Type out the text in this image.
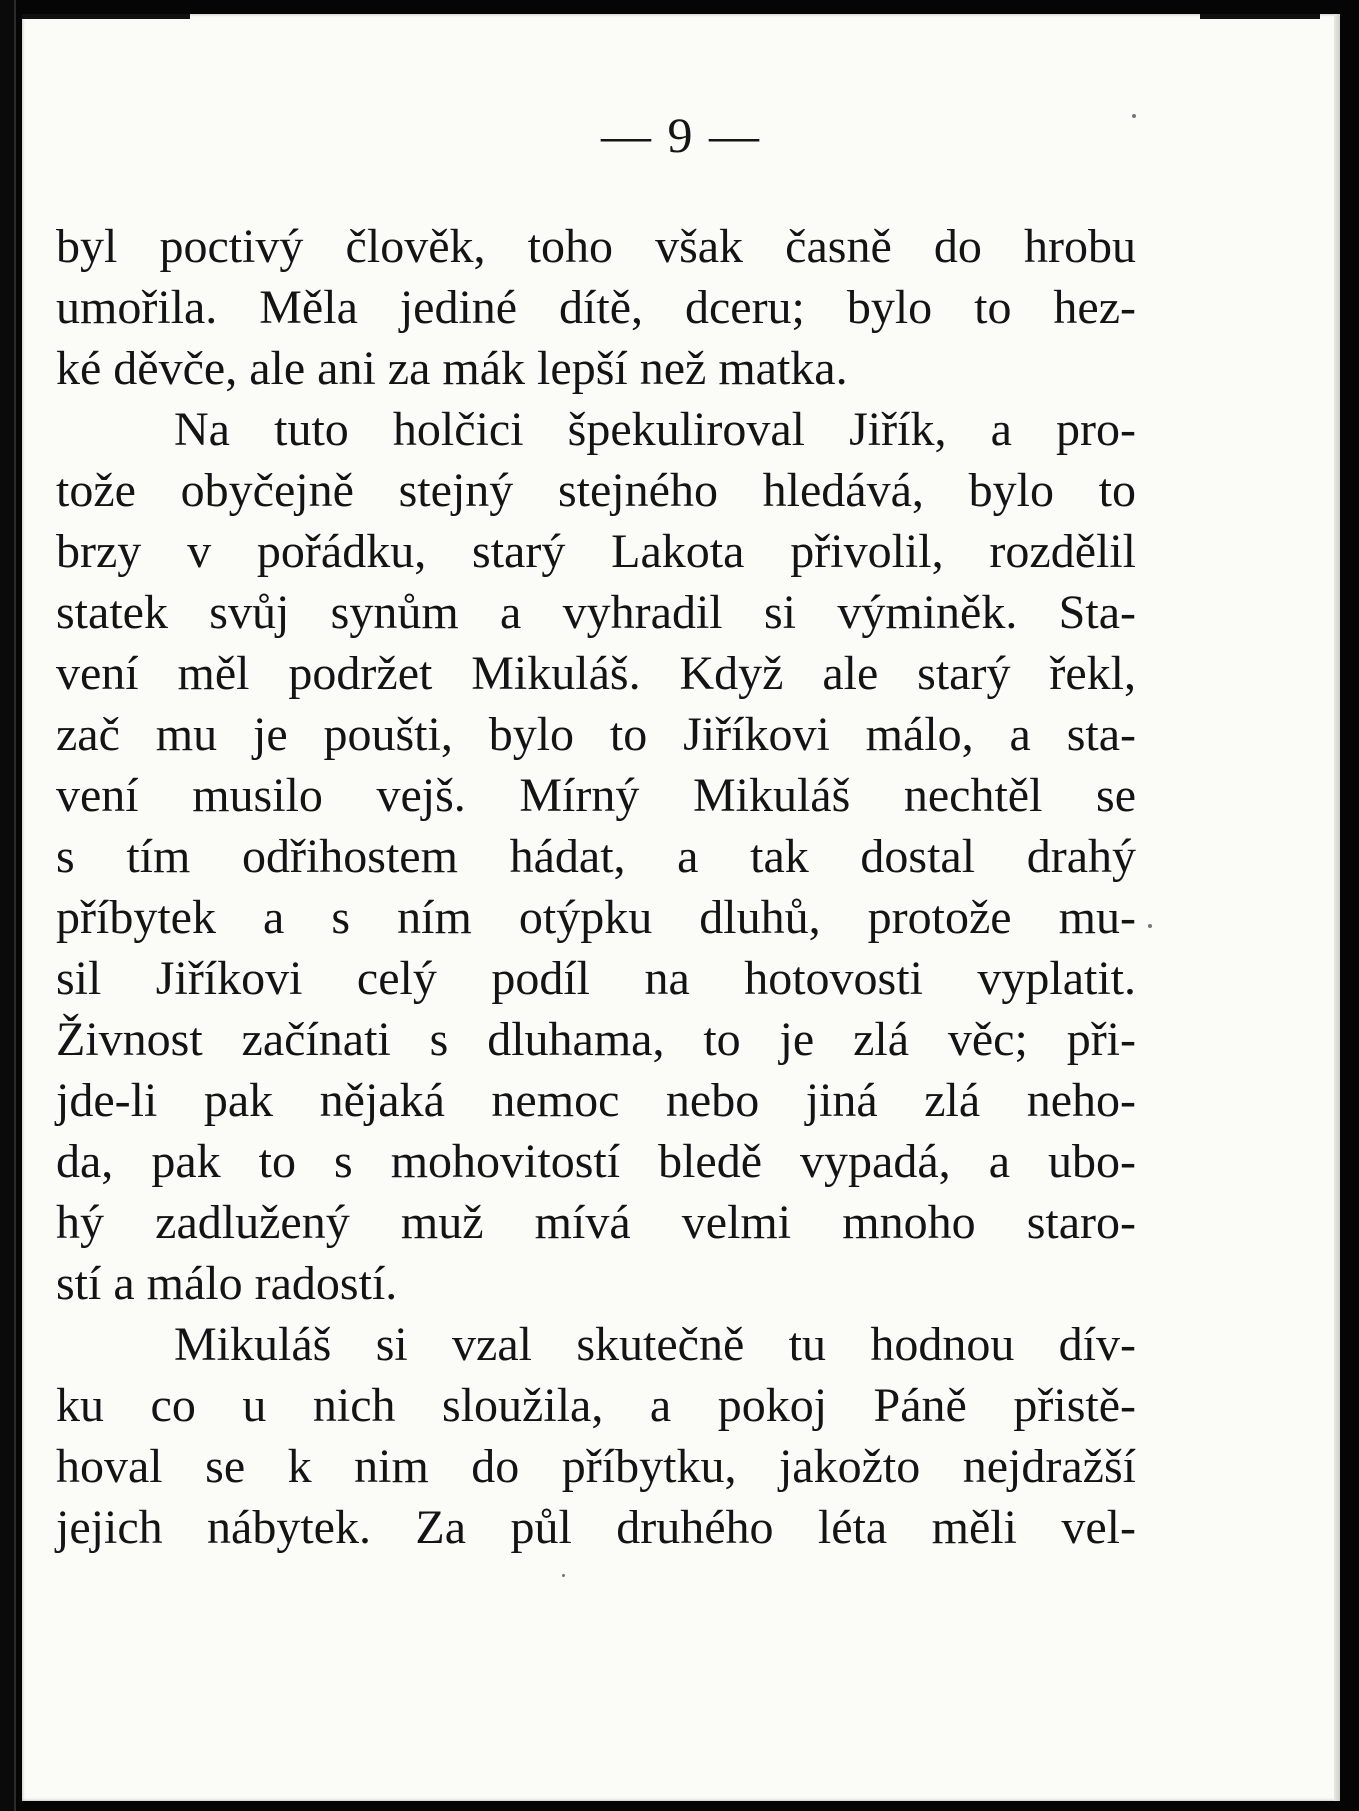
— 9 —
byl poctivý člověk, toho však časně do hrobu
umořila. Měla jediné dítě, dceru; bylo to hez-
ké děvče, ale ani za mák lepší než matka.
Na tuto holčici špekuliroval Jiřík, a pro-
tože obyčejně stejný stejného hledává, bylo to
brzy v pořádku, starý Lakota přivolil, rozdělil
statek svůj synům a vyhradil si výminěk. Sta-
vení měl podržet Mikuláš. Když ale starý řekl,
zač mu je poušti, bylo to Jiříkovi málo, a sta-
vení musilo vejš. Mírný Mikuláš nechtěl se
s tím odřihostem hádat, a tak dostal drahý
příbytek a s ním otýpku dluhů, protože mu-
sil Jiříkovi celý podíl na hotovosti vyplatit.
Živnost začínati s dluhama, to je zlá věc; při-
jde-li pak nějaká nemoc nebo jiná zlá neho-
da, pak to s mohovitostí bledě vypadá, a ubo-
hý zadlužený muž mívá velmi mnoho staro-
stí a málo radostí.
Mikuláš si vzal skutečně tu hodnou dív-
ku co u nich sloužila, a pokoj Páně přistě-
hoval se k nim do příbytku, jakožto nejdražší
jejich nábytek. Za půl druhého léta měli vel-
